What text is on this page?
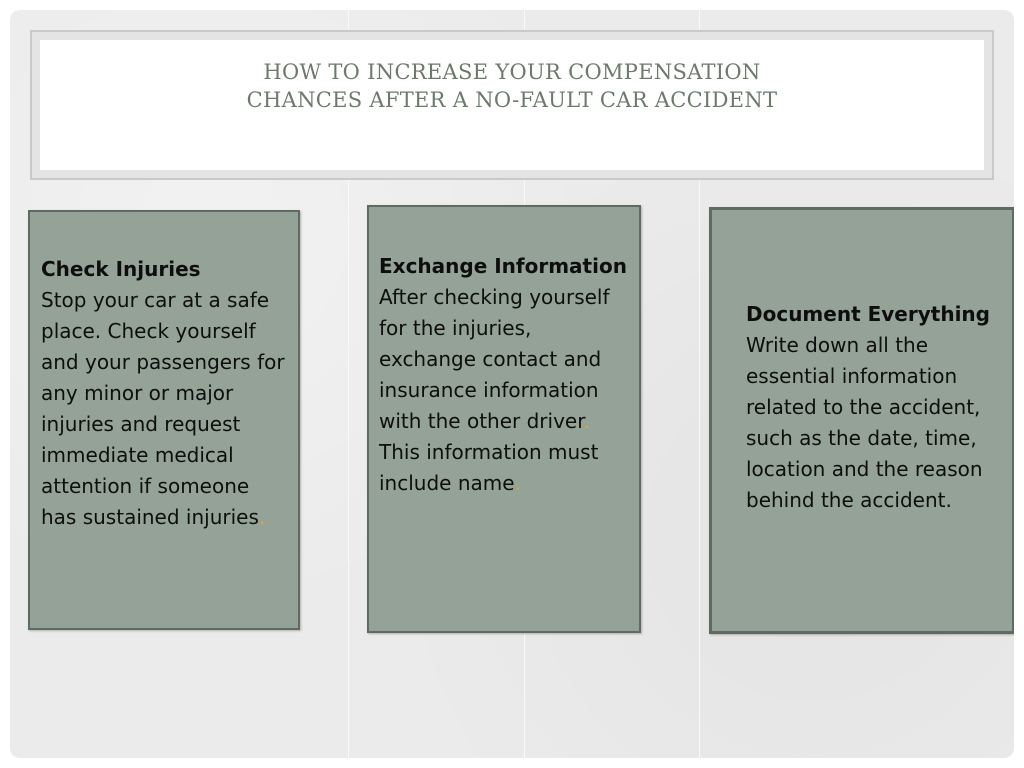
HOW TO INCREASE YOUR COMPENSATION
CHANCES AFTER A NO-FAULT CAR ACCIDENT
Check Injuries
Stop your car at a safe place. Check yourself and your passengers for any minor or major injuries and request immediate medical attention if someone has sustained injuries.
Exchange Information
After checking yourself for the injuries, exchange contact and insurance information with the other driver.  This information must include name.
Document Everything
Write down all the essential information related to the accident, such as the date, time, location and the reason behind the accident.
